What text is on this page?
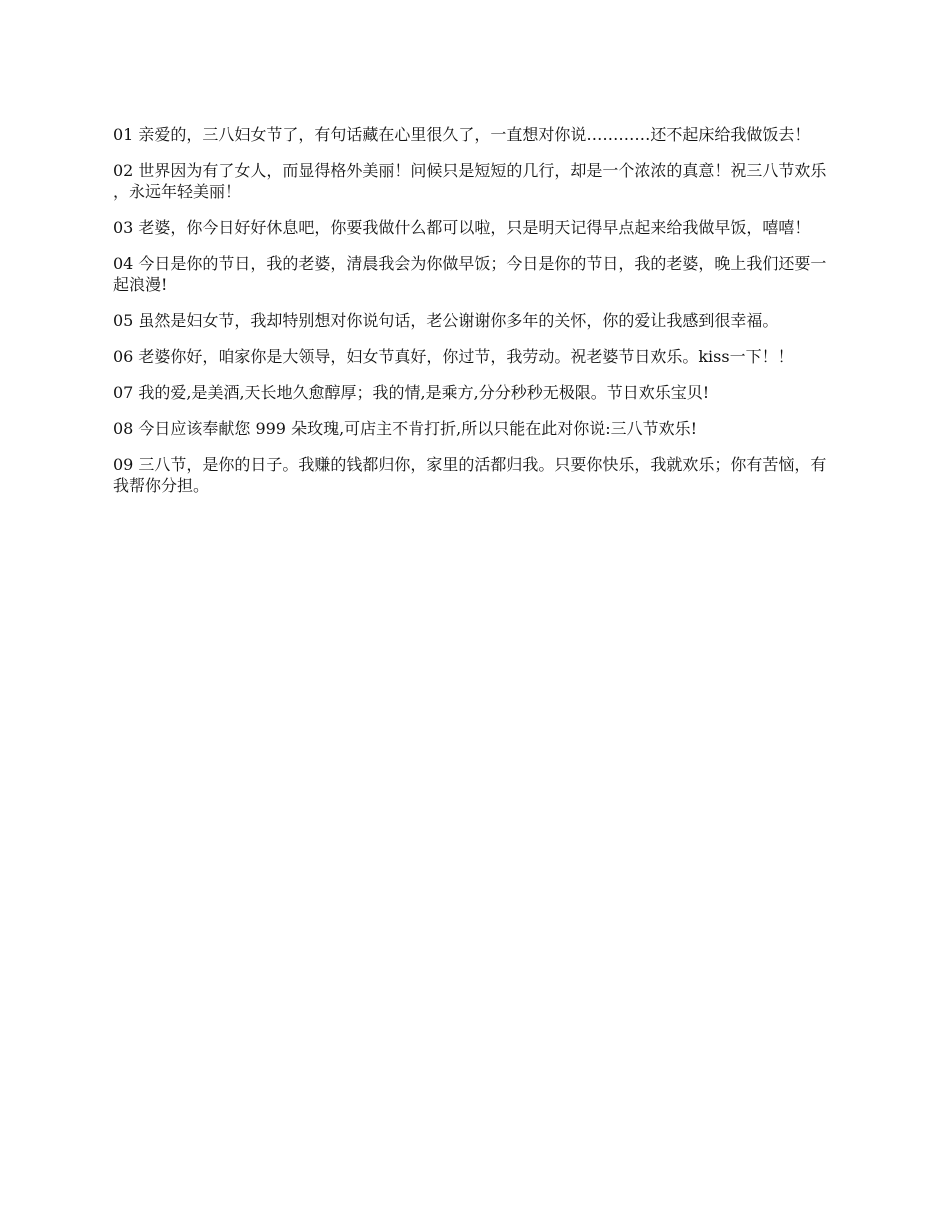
01 亲爱的，三八妇女节了，有句话藏在心里很久了，一直想对你说…………还不起床给我做饭去！

02 世界因为有了女人，而显得格外美丽！问候只是短短的几行，却是一个浓浓的真意！祝三八节欢乐，永远年轻美丽！

03 老婆，你今日好好休息吧，你要我做什么都可以啦，只是明天记得早点起来给我做早饭，嘻嘻！

04 今日是你的节日，我的老婆，清晨我会为你做早饭；今日是你的节日，我的老婆，晚上我们还要一起浪漫!

05 虽然是妇女节，我却特别想对你说句话，老公谢谢你多年的关怀，你的爱让我感到很幸福。

06 老婆你好，咱家你是大领导，妇女节真好，你过节，我劳动。祝老婆节日欢乐。kiss一下！！

07 我的爱,是美酒,天长地久愈醇厚；我的情,是乘方,分分秒秒无极限。节日欢乐宝贝!

08 今日应该奉献您 999 朵玫瑰,可店主不肯打折,所以只能在此对你说:三八节欢乐!

09 三八节，是你的日子。我赚的钱都归你，家里的活都归我。只要你快乐，我就欢乐；你有苦恼，有我帮你分担。
